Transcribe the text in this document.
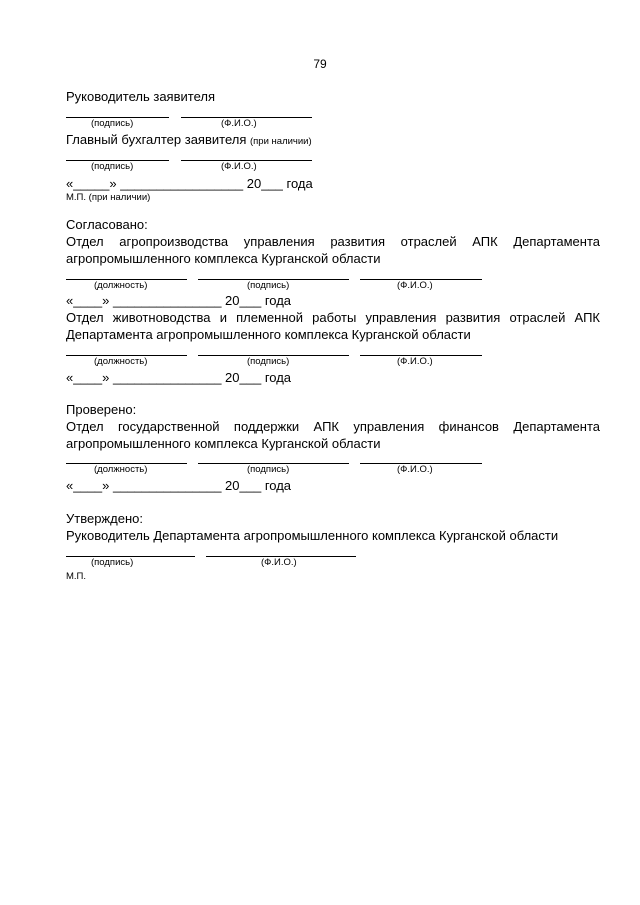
79
Руководитель заявителя
(подпись)	(Ф.И.О.)
Главный бухгалтер заявителя (при наличии)
(подпись)	(Ф.И.О.)
«_____» _________________ 20___ года
М.П. (при наличии)
Согласовано:
Отдел агропроизводства управления развития отраслей АПК Департамента агропромышленного комплекса Курганской области
(должность)	(подпись)	(Ф.И.О.)
«____» _______________ 20___ года
Отдел животноводства и племенной работы управления развития отраслей АПК Департамента агропромышленного комплекса Курганской области
(должность)	(подпись)	(Ф.И.О.)
«____» _______________ 20___ года
Проверено:
Отдел государственной поддержки АПК управления финансов Департамента агропромышленного комплекса Курганской области
(должность)	(подпись)	(Ф.И.О.)
«____» _______________ 20___ года
Утверждено:
Руководитель Департамента агропромышленного комплекса Курганской области
(подпись)	(Ф.И.О.)
М.П.
